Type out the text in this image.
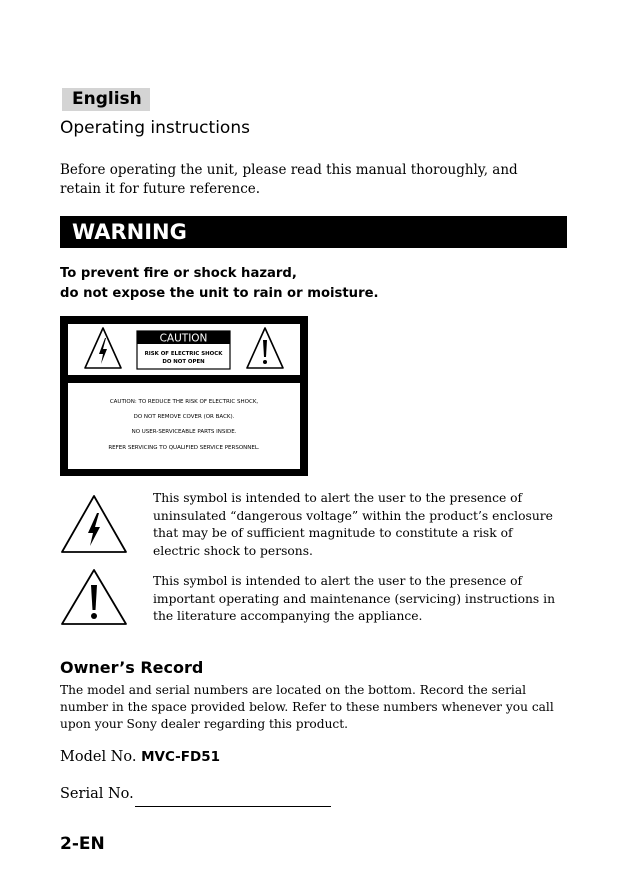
English
Operating instructions
Before operating the unit, please read this manual thoroughly, and retain it for future reference.
WARNING
To prevent fire or shock hazard,
do not expose the unit to rain or moisture.
CAUTION
RISK OF ELECTRIC SHOCK
DO NOT OPEN
CAUTION: TO REDUCE THE RISK OF ELECTRIC SHOCK,
DO NOT REMOVE COVER (OR BACK).
NO USER-SERVICEABLE PARTS INSIDE.
REFER SERVICING TO QUALIFIED SERVICE PERSONNEL.
This symbol is intended to alert the user to the presence of uninsulated “dangerous voltage” within the product’s enclosure that may be of sufficient magnitude to constitute a risk of electric shock to persons.
This symbol is intended to alert the user to the presence of important operating and maintenance (servicing) instructions in the literature accompanying the appliance.
Owner’s Record
The model and serial numbers are located on the bottom. Record the serial number in the space provided below. Refer to these numbers whenever you call upon your Sony dealer regarding this product.
Model No. MVC-FD51
Serial No.
2-EN
